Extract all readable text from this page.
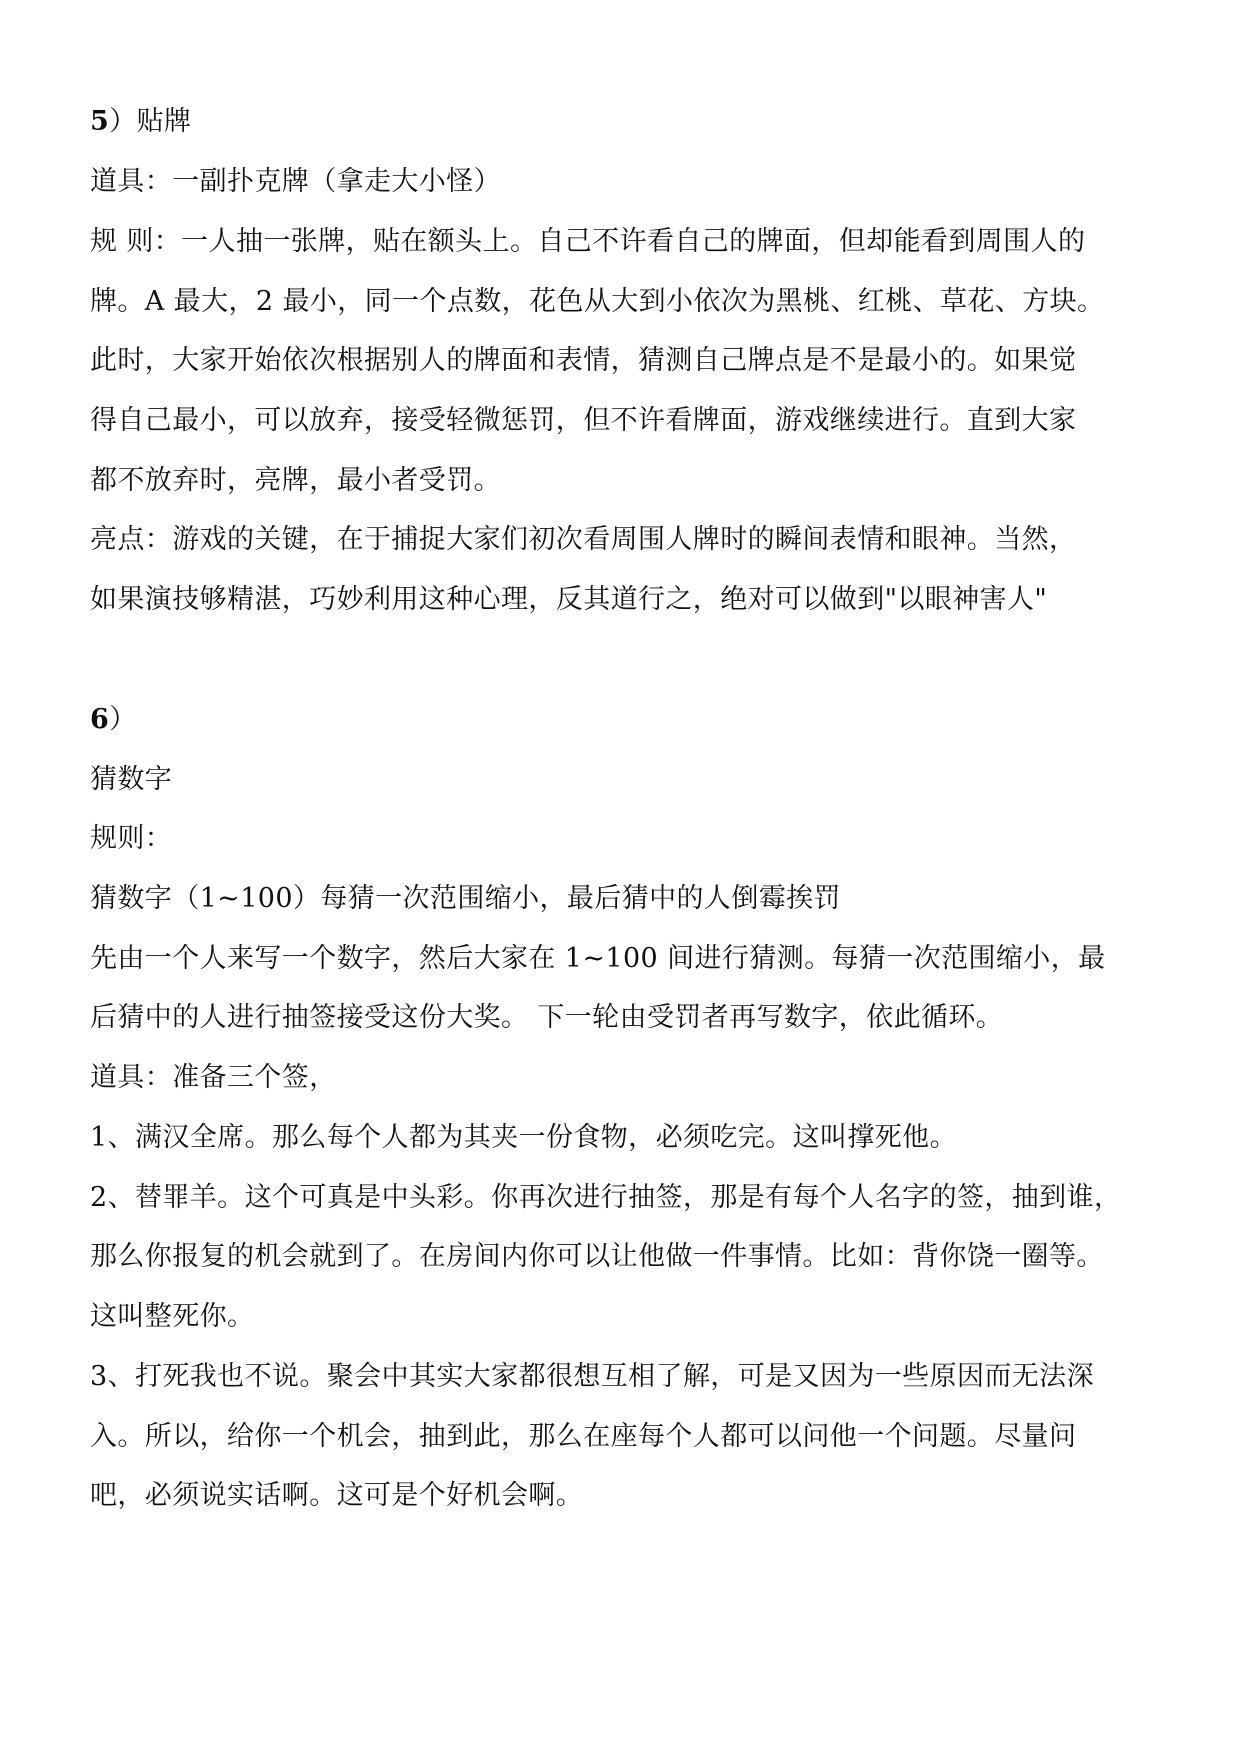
5）贴牌
道具：一副扑克牌（拿走大小怪）
规 则：一人抽一张牌，贴在额头上。自己不许看自己的牌面，但却能看到周围人的
牌。A 最大，2 最小，同一个点数，花色从大到小依次为黑桃、红桃、草花、方块。
此时，大家开始依次根据别人的牌面和表情，猜测自己牌点是不是最小的。如果觉
得自己最小，可以放弃，接受轻微惩罚，但不许看牌面，游戏继续进行。直到大家
都不放弃时，亮牌，最小者受罚。
亮点：游戏的关键，在于捕捉大家们初次看周围人牌时的瞬间表情和眼神。当然，
如果演技够精湛，巧妙利用这种心理，反其道行之，绝对可以做到"以眼神害人"
6）
猜数字
规则：
猜数字（1~100）每猜一次范围缩小，最后猜中的人倒霉挨罚
先由一个人来写一个数字，然后大家在 1~100 间进行猜测。每猜一次范围缩小，最
后猜中的人进行抽签接受这份大奖。 下一轮由受罚者再写数字，依此循环。
道具：准备三个签，
1、满汉全席。那么每个人都为其夹一份食物，必须吃完。这叫撑死他。
2、替罪羊。这个可真是中头彩。你再次进行抽签，那是有每个人名字的签，抽到谁，
那么你报复的机会就到了。在房间内你可以让他做一件事情。比如：背你饶一圈等。
这叫整死你。
3、打死我也不说。聚会中其实大家都很想互相了解，可是又因为一些原因而无法深
入。所以，给你一个机会，抽到此，那么在座每个人都可以问他一个问题。尽量问
吧，必须说实话啊。这可是个好机会啊。
